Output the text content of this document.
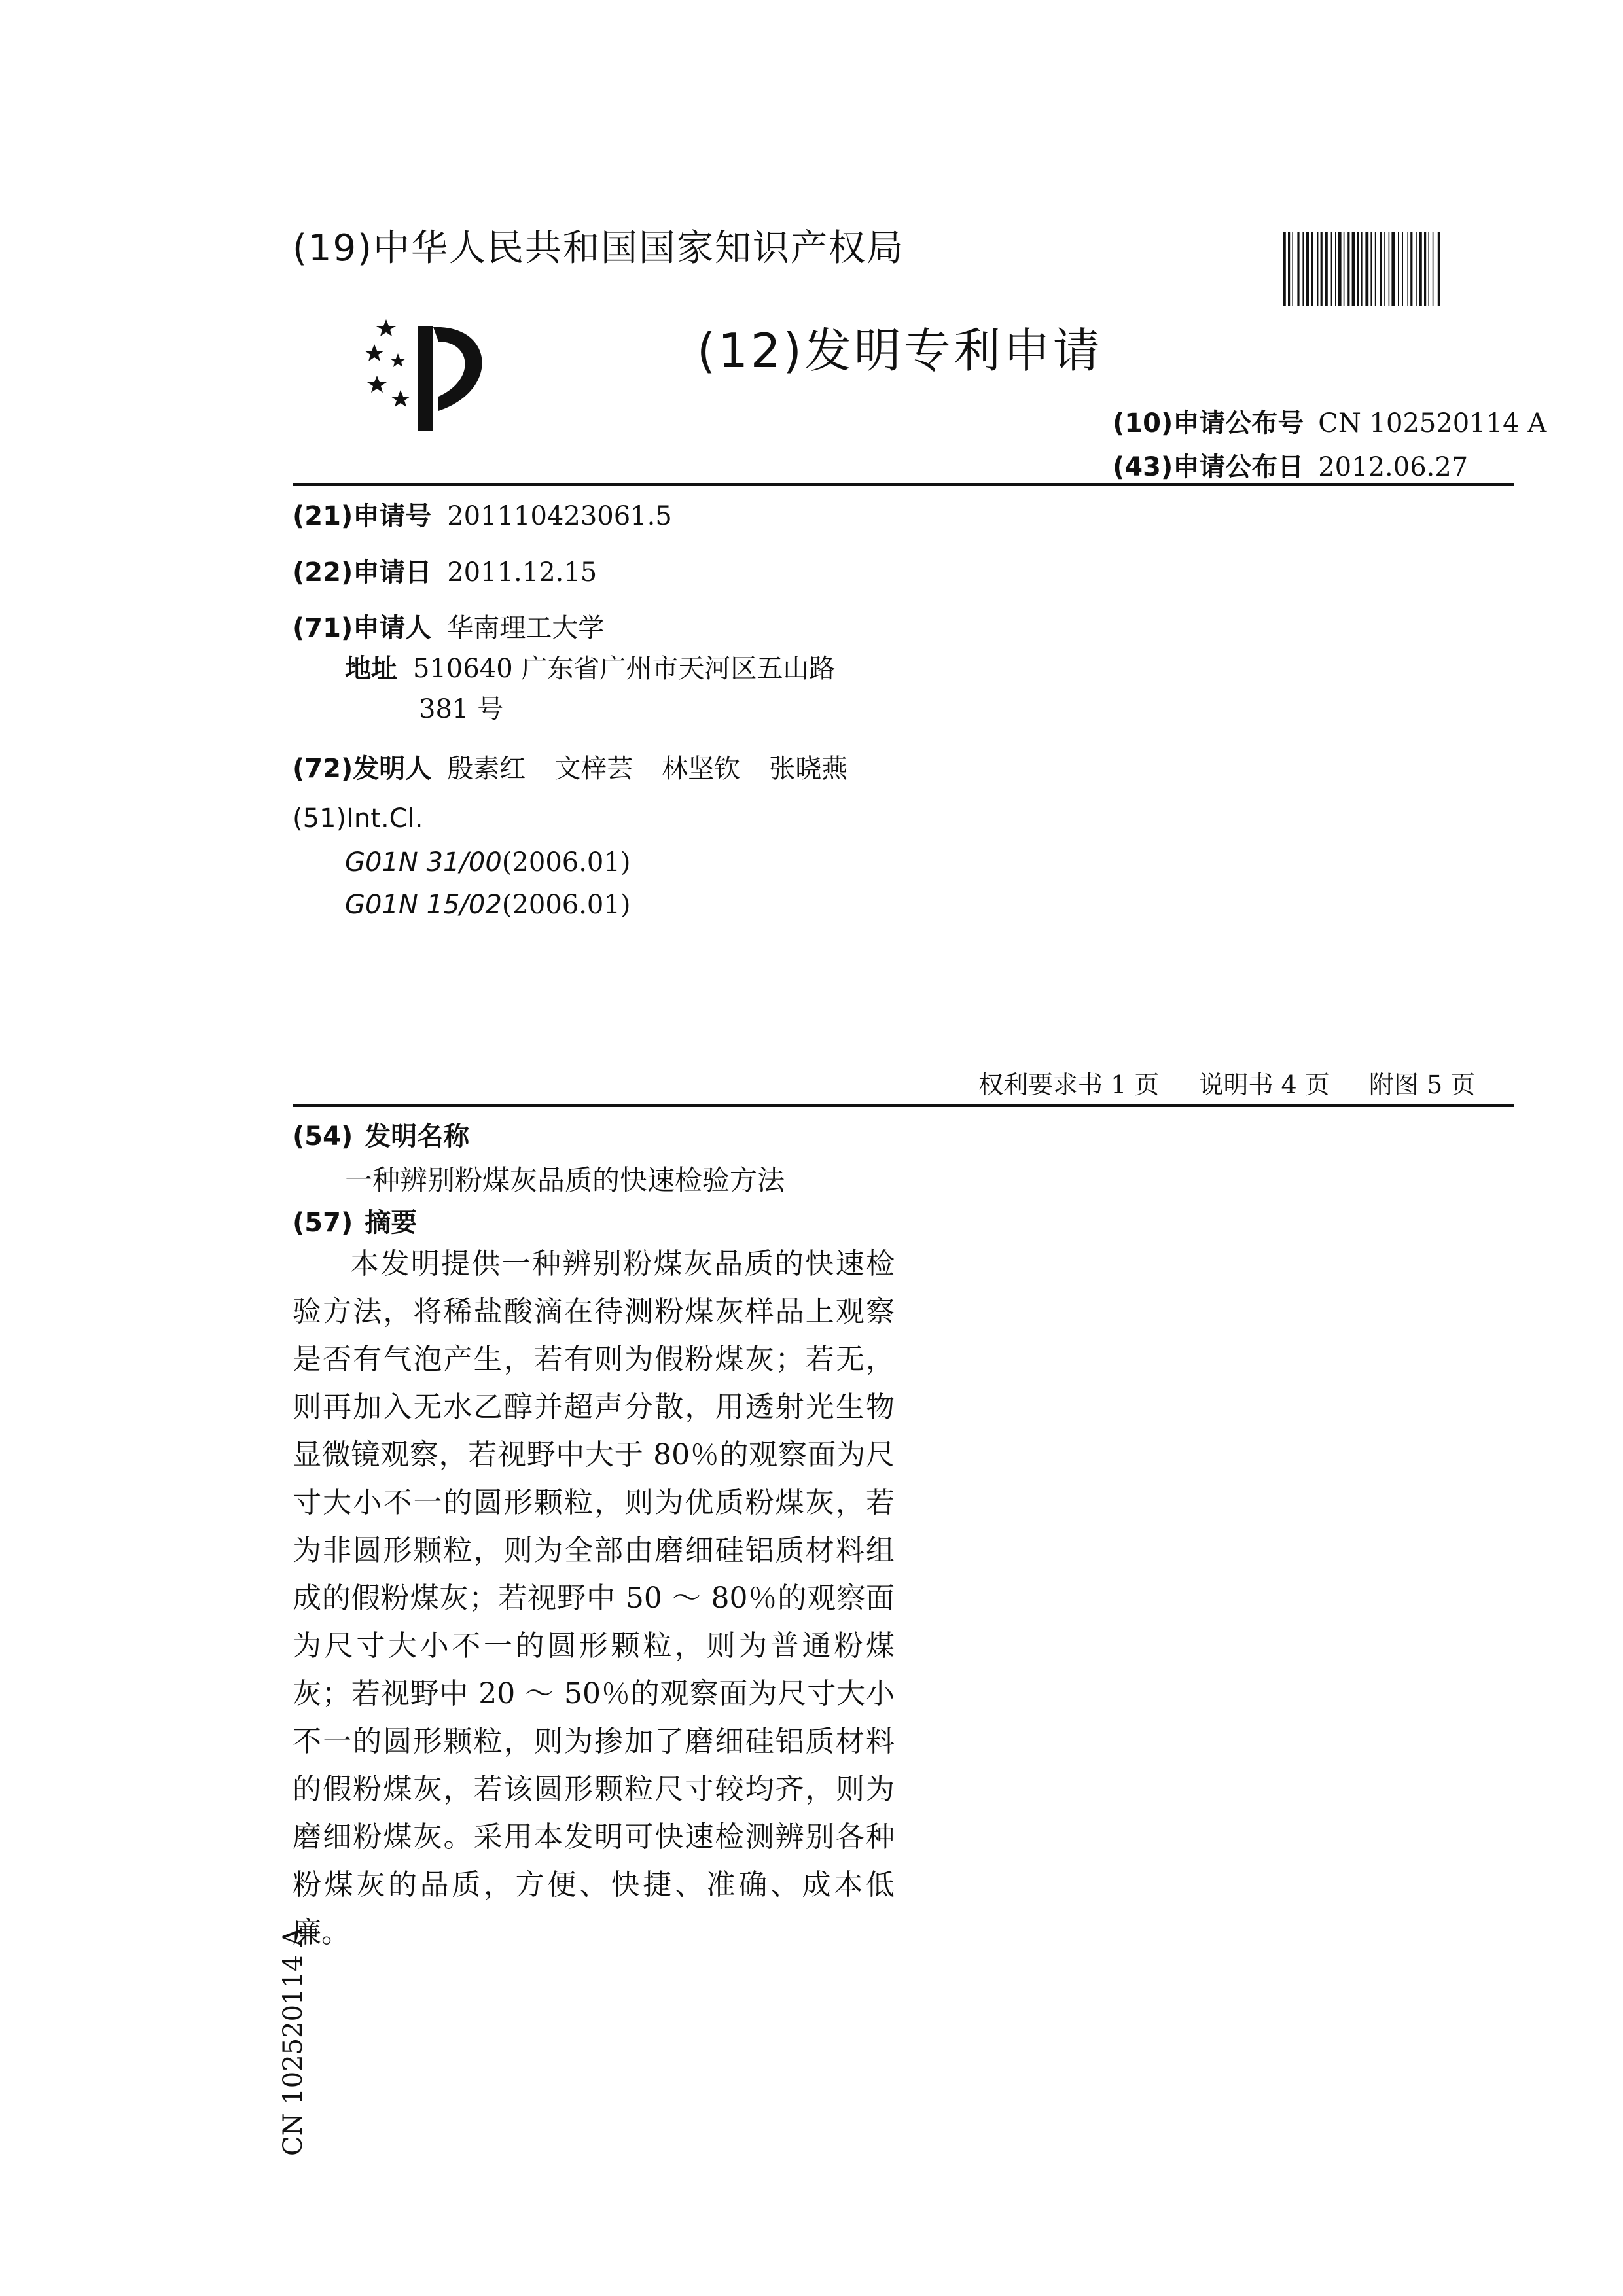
(19)中华人民共和国国家知识产权局
(12)发明专利申请
(10)申请公布号 CN 102520114 A
(43)申请公布日 2012.06.27
(21)申请号 201110423061.5
(22)申请日 2011.12.15
(71)申请人 华南理工大学
地址 510640 广东省广州市天河区五山路
381 号
(72)发明人 殷素红 文梓芸 林坚钦 张晓燕
(51)Int.Cl.
G01N 31/00(2006.01)
G01N 15/02(2006.01)
权利要求书 1 页 说明书 4 页 附图 5 页
(54) 发明名称
一种辨别粉煤灰品质的快速检验方法
(57) 摘要
本发明提供一种辨别粉煤灰品质的快速检验方法，将稀盐酸滴在待测粉煤灰样品上观察是否有气泡产生，若有则为假粉煤灰；若无，则再加入无水乙醇并超声分散，用透射光生物显微镜观察，若视野中大于 80％的观察面为尺寸大小不一的圆形颗粒，则为优质粉煤灰，若为非圆形颗粒，则为全部由磨细硅铝质材料组成的假粉煤灰；若视野中 50 ～ 80％的观察面为尺寸大小不一的圆形颗粒，则为普通粉煤灰；若视野中 20 ～ 50％的观察面为尺寸大小不一的圆形颗粒，则为掺加了磨细硅铝质材料的假粉煤灰，若该圆形颗粒尺寸较均齐，则为磨细粉煤灰。采用本发明可快速检测辨别各种粉煤灰的品质，方便、快捷、准确、成本低廉。
CN 102520114 A
